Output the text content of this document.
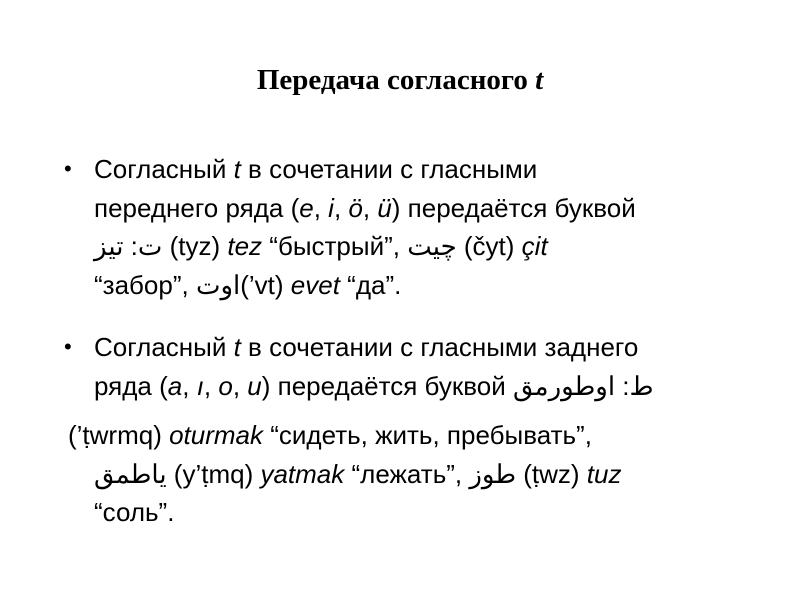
Передача согласного t
• Согласный t в сочетании с гласными
переднего ряда (e, i, ö, ü) передаётся буквой
تيز :ت (tyz) tez “быстрый”, چيت (čyt) çit
“забор”, اوت(’vt) evet “да”.
• Согласный t в сочетании с гласными заднего
ряда (a, ı, o, u) передаётся буквой اوطورمق :ط
(’ṭwrmq) oturmak “сидеть, жить, пребывать”,
ياطمق (y’ṭmq) yatmak “лежать”, طوز (ṭwz) tuz
“соль”.
